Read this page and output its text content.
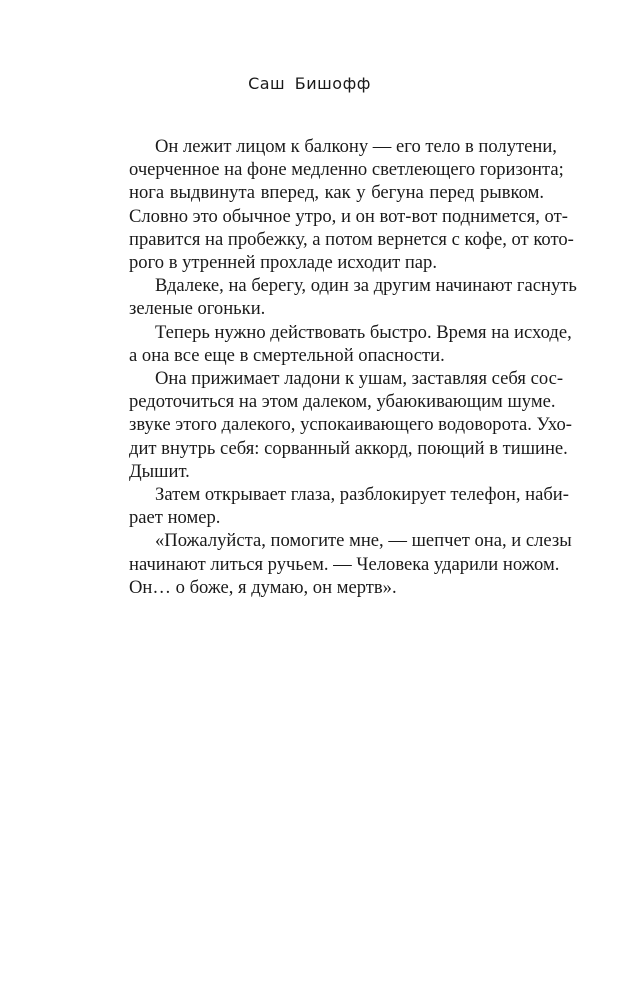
Саш Бишофф

Он лежит лицом к балкону — его тело в полутени,
очерченное на фоне медленно светлеющего горизонта;
нога выдвинута вперед, как у бегуна перед рывком.
Словно это обычное утро, и он вот-вот поднимется, от-
правится на пробежку, а потом вернется с кофе, от кото-
рого в утренней прохладе исходит пар.

Вдалеке, на берегу, один за другим начинают гаснуть
зеленые огоньки.

Теперь нужно действовать быстро. Время на исходе,
а она все еще в смертельной опасности.

Она прижимает ладони к ушам, заставляя себя сос-
редоточиться на этом далеком, убаюкивающим шуме.
звуке этого далекого, успокаивающего водоворота. Ухо-
дит внутрь себя: сорванный аккорд, поющий в тишине.
Дышит.

Затем открывает глаза, разблокирует телефон, наби-
рает номер.

«Пожалуйста, помогите мне, — шепчет она, и слезы
начинают литься ручьем. — Человека ударили ножом.
Он… о боже, я думаю, он мертв».
